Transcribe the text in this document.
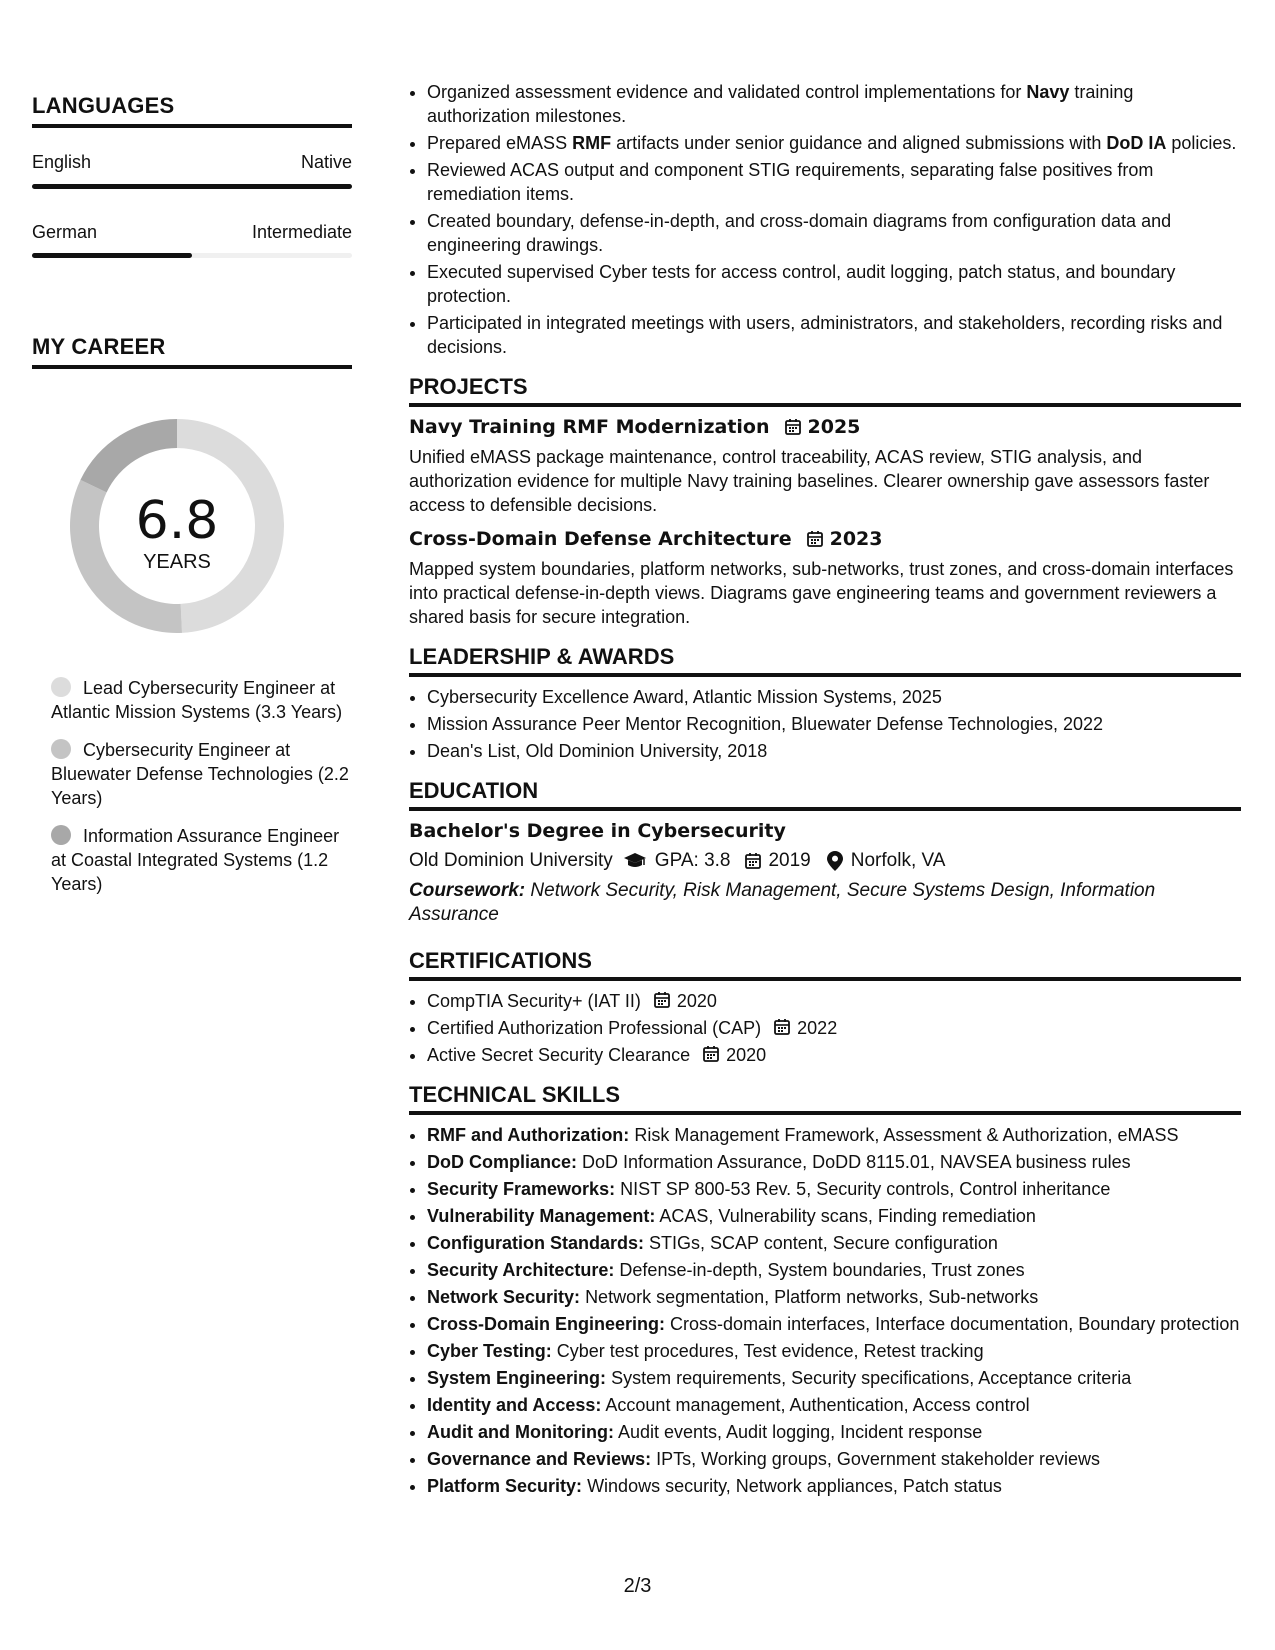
LANGUAGES
English	Native
German	Intermediate
MY CAREER
6.8
YEARS
Lead Cybersecurity Engineer at Atlantic Mission Systems (3.3 Years)
Cybersecurity Engineer at Bluewater Defense Technologies (2.2 Years)
Information Assurance Engineer at Coastal Integrated Systems (1.2 Years)
• Organized assessment evidence and validated control implementations for Navy training authorization milestones.
• Prepared eMASS RMF artifacts under senior guidance and aligned submissions with DoD IA policies.
• Reviewed ACAS output and component STIG requirements, separating false positives from remediation items.
• Created boundary, defense-in-depth, and cross-domain diagrams from configuration data and engineering drawings.
• Executed supervised Cyber tests for access control, audit logging, patch status, and boundary protection.
• Participated in integrated meetings with users, administrators, and stakeholders, recording risks and decisions.
PROJECTS
Navy Training RMF Modernization 2025
Unified eMASS package maintenance, control traceability, ACAS review, STIG analysis, and authorization evidence for multiple Navy training baselines. Clearer ownership gave assessors faster access to defensible decisions.
Cross-Domain Defense Architecture 2023
Mapped system boundaries, platform networks, sub-networks, trust zones, and cross-domain interfaces into practical defense-in-depth views. Diagrams gave engineering teams and government reviewers a shared basis for secure integration.
LEADERSHIP & AWARDS
• Cybersecurity Excellence Award, Atlantic Mission Systems, 2025
• Mission Assurance Peer Mentor Recognition, Bluewater Defense Technologies, 2022
• Dean's List, Old Dominion University, 2018
EDUCATION
Bachelor's Degree in Cybersecurity
Old Dominion University GPA: 3.8 2019 Norfolk, VA
Coursework: Network Security, Risk Management, Secure Systems Design, Information Assurance
CERTIFICATIONS
• CompTIA Security+ (IAT II) 2020
• Certified Authorization Professional (CAP) 2022
• Active Secret Security Clearance 2020
TECHNICAL SKILLS
• RMF and Authorization: Risk Management Framework, Assessment & Authorization, eMASS
• DoD Compliance: DoD Information Assurance, DoDD 8115.01, NAVSEA business rules
• Security Frameworks: NIST SP 800-53 Rev. 5, Security controls, Control inheritance
• Vulnerability Management: ACAS, Vulnerability scans, Finding remediation
• Configuration Standards: STIGs, SCAP content, Secure configuration
• Security Architecture: Defense-in-depth, System boundaries, Trust zones
• Network Security: Network segmentation, Platform networks, Sub-networks
• Cross-Domain Engineering: Cross-domain interfaces, Interface documentation, Boundary protection
• Cyber Testing: Cyber test procedures, Test evidence, Retest tracking
• System Engineering: System requirements, Security specifications, Acceptance criteria
• Identity and Access: Account management, Authentication, Access control
• Audit and Monitoring: Audit events, Audit logging, Incident response
• Governance and Reviews: IPTs, Working groups, Government stakeholder reviews
• Platform Security: Windows security, Network appliances, Patch status
2/3
